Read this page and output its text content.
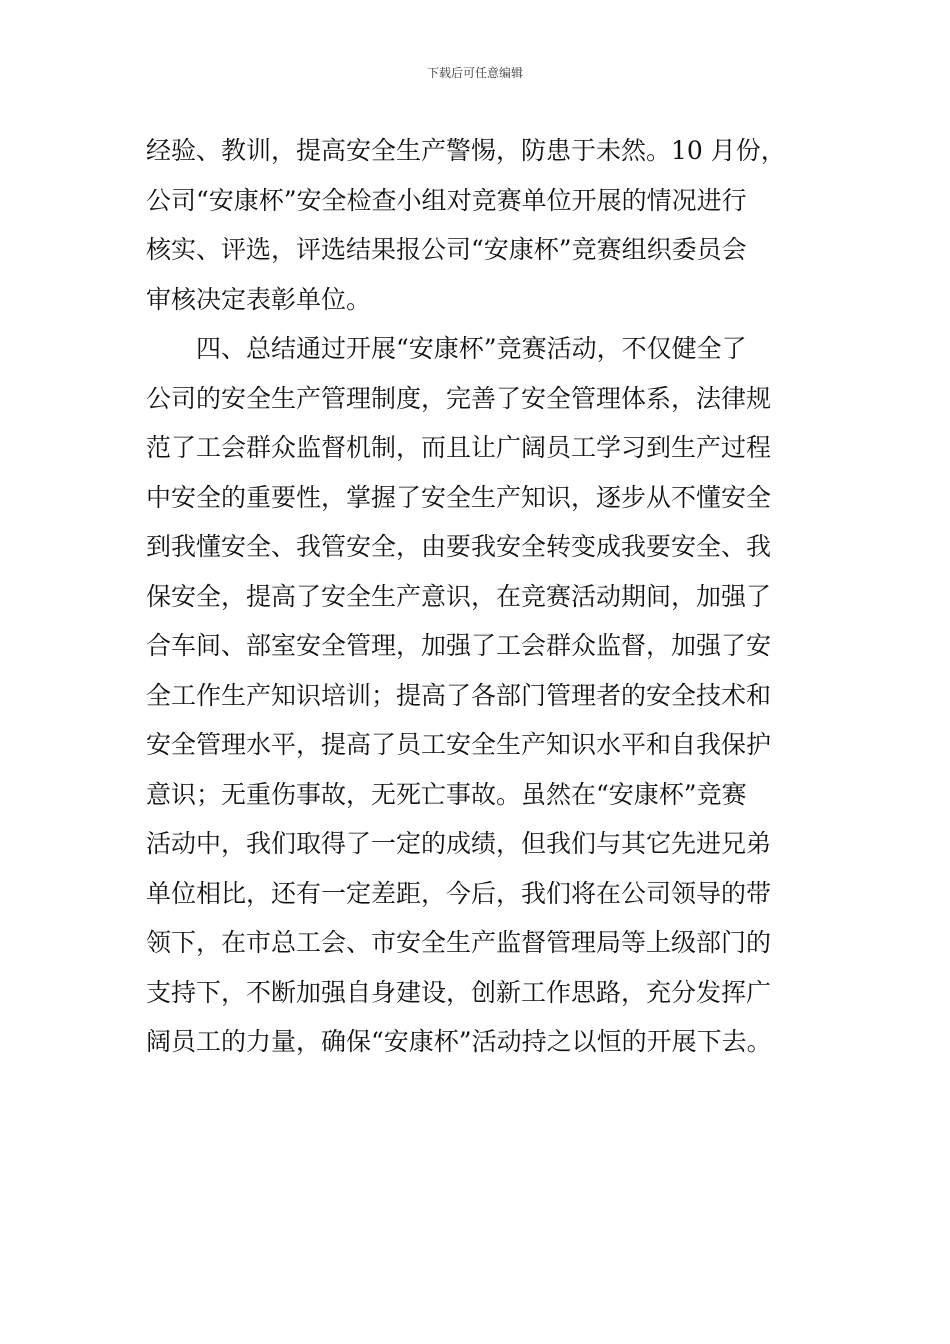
下载后可任意编辑
经验、教训，提高安全生产警惕，防患于未然。10 月份，
公司“安康杯”安全检查小组对竞赛单位开展的情况进行
核实、评选，评选结果报公司“安康杯”竞赛组织委员会
审核决定表彰单位。
　　四、总结通过开展“安康杯”竞赛活动，不仅健全了
公司的安全生产管理制度，完善了安全管理体系，法律规
范了工会群众监督机制，而且让广阔员工学习到生产过程
中安全的重要性，掌握了安全生产知识，逐步从不懂安全
到我懂安全、我管安全，由要我安全转变成我要安全、我
保安全，提高了安全生产意识，在竞赛活动期间，加强了
合车间、部室安全管理，加强了工会群众监督，加强了安
全工作生产知识培训；提高了各部门管理者的安全技术和
安全管理水平，提高了员工安全生产知识水平和自我保护
意识；无重伤事故，无死亡事故。虽然在“安康杯”竞赛
活动中，我们取得了一定的成绩，但我们与其它先进兄弟
单位相比，还有一定差距，今后，我们将在公司领导的带
领下，在市总工会、市安全生产监督管理局等上级部门的
支持下，不断加强自身建设，创新工作思路，充分发挥广
阔员工的力量，确保“安康杯”活动持之以恒的开展下去。
